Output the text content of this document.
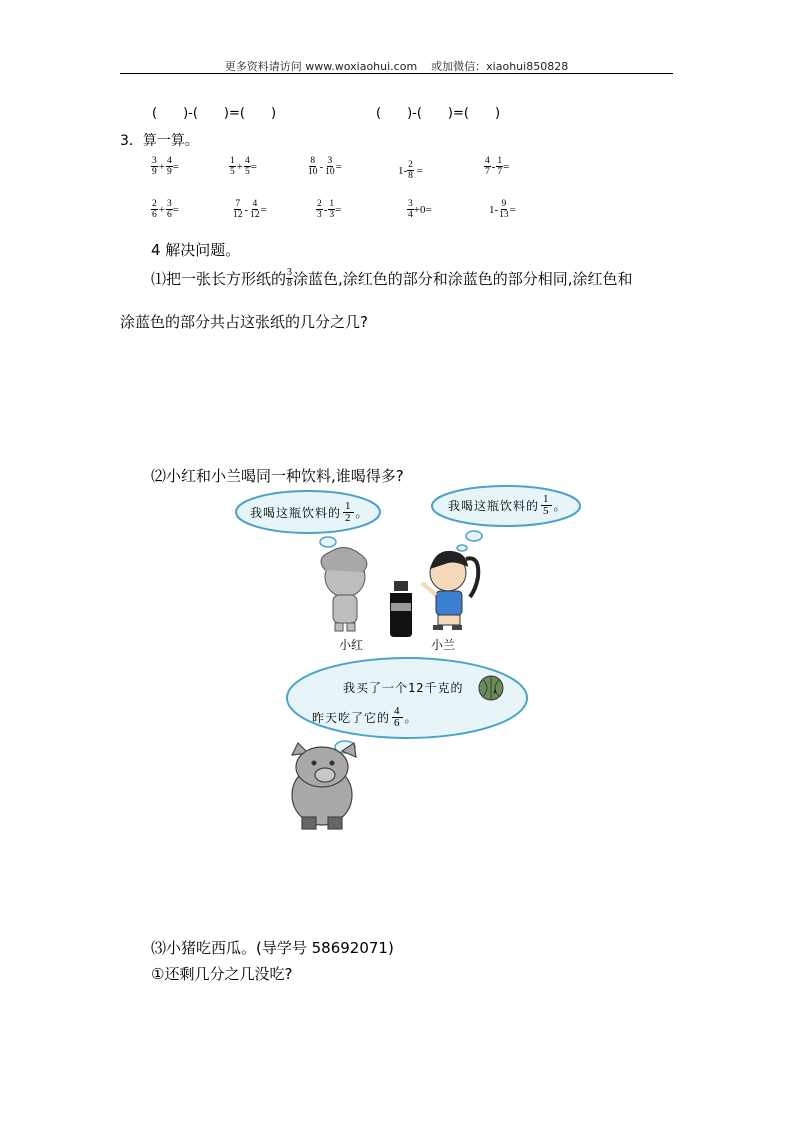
更多资料请访问 www.woxiaohui.com 或加微信：xiaohui850828
(　　)-(　　)=(　　)	(　　)-(　　)=(　　)
3．算一算。
$\frac{3}{9} + \frac{4}{9}$ =	$\frac{1}{5} + \frac{4}{5}$ =	$\frac{8}{10} - \frac{3}{10}$ =	$1- \frac{2}{8}$ =	$\frac{4}{7} - \frac{1}{7}$ =
$\frac{2}{6} + \frac{3}{6}$ =	$\frac{7}{12} - \frac{4}{12}$ =	$\frac{2}{3} - \frac{1}{3}$ =	$\frac{3}{4} +0=$	$1- \frac{9}{13}$ =
4 解决问题。
⑴把一张长方形纸的 $\frac{3}{8}$ 涂蓝色,涂红色的部分和涂蓝色的部分相同,涂红色和
涂蓝色的部分共占这张纸的几分之几?
⑵小红和小兰喝同一种饮料,谁喝得多?
我喝这瓶饮料的 $\frac{1}{2}$ 。	我喝这瓶饮料的 $\frac{1}{5}$ 。
小红	小兰
我买了一个12千克的 ,
昨天吃了它的 $\frac{4}{6}$ 。
⑶小猪吃西瓜。(导学号 58692071)
①还剩几分之几没吃?
